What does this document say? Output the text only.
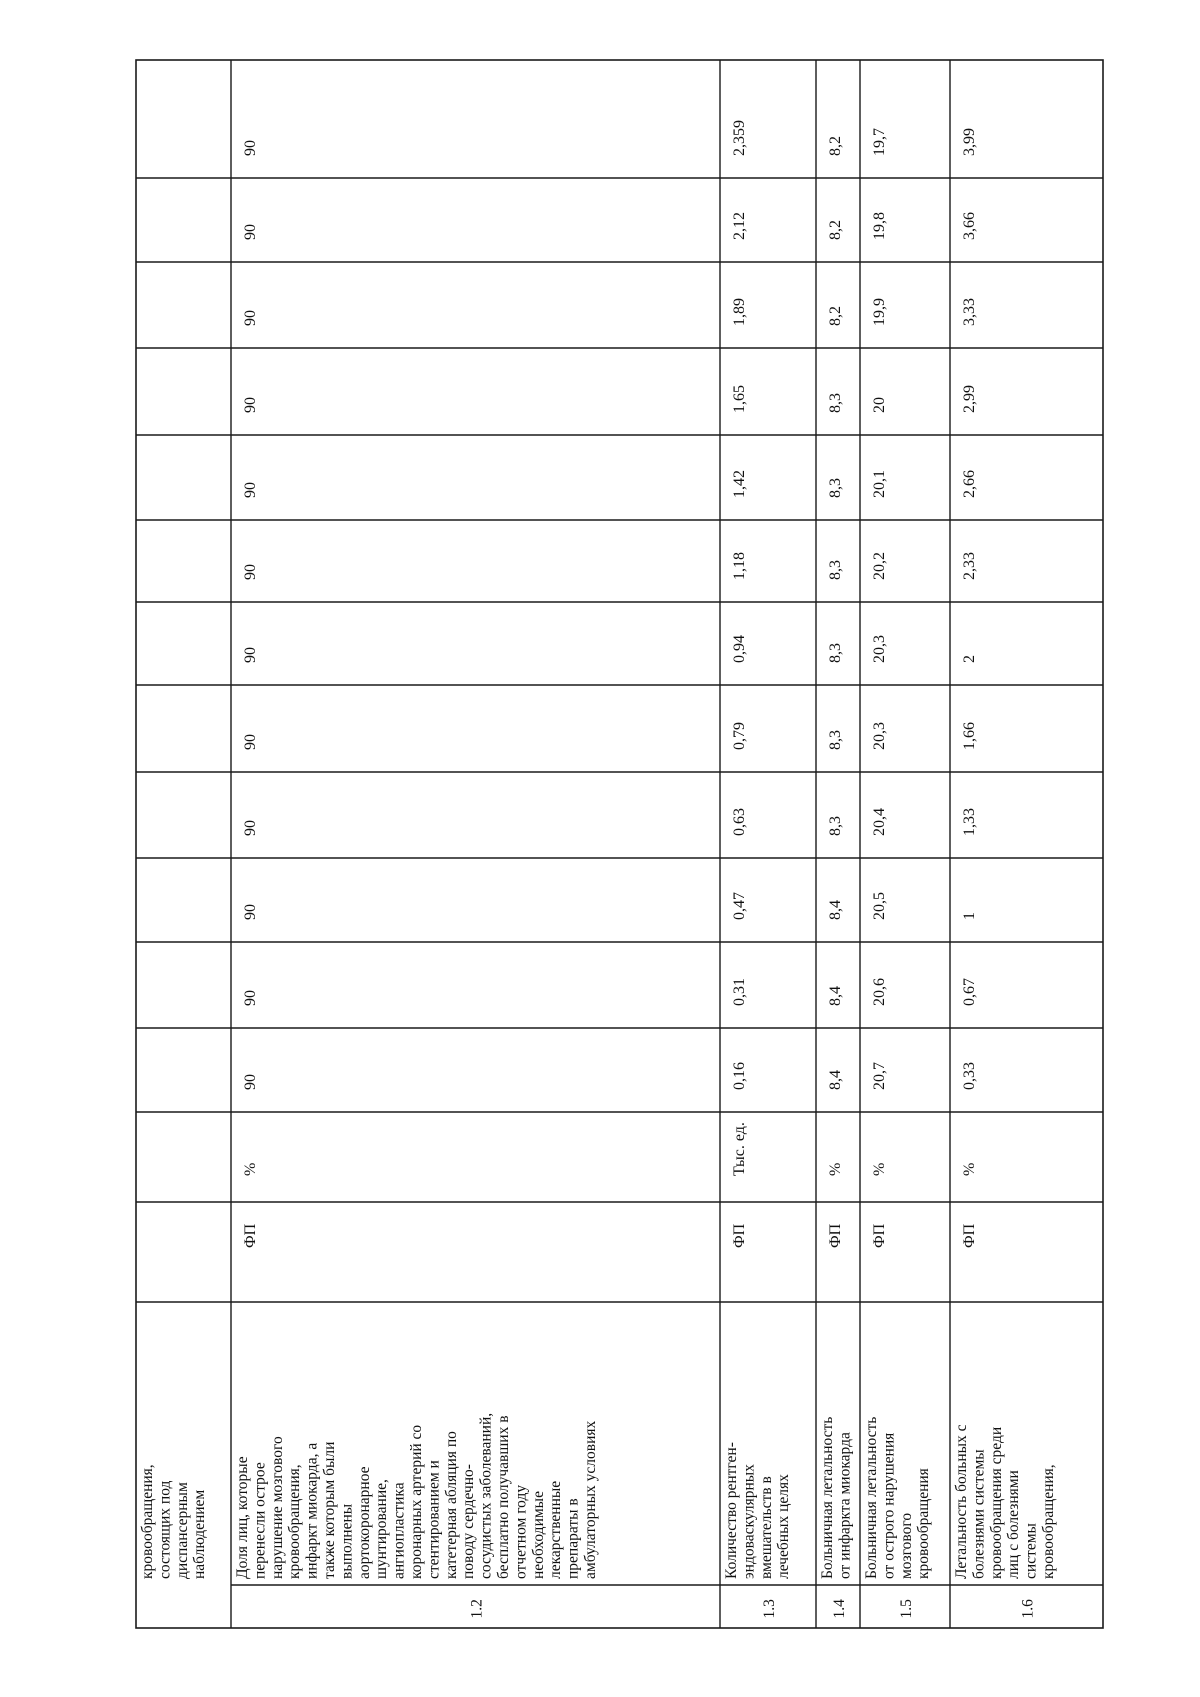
кровообращения, состоящих под диспансерным наблюдением Доля лиц, которые перенесли острое нарушение мозгового кровообращения, инфаркт миокарда, а также которым были выполнены аортокоронарное шунтирование, ангиопластика коронарных артерий со стентированием и катетерная абляция по поводу сердечно- сосудистых заболеваний, бесплатно получавших в отчетном году необходимые лекарственные препараты в амбулаторных условиях
1.2
ФП
%
90
90
90
90
90
90
90
90
90
90
90
90
Количество рентген- эндоваскулярных вмешательств в лечебных целях
1.3
ФП
Тыс. ед.
0,16
0,31
0,47
0,63
0,79
0,94
1,18
1,42
1,65
1,89
2,12
2,359
Больничная летальность от инфаркта миокарда
1.4
ФП
%
8,4
8,4
8,4
8,3
8,3
8,3
8,3
8,3
8,3
8,2
8,2
8,2
Больничная летальность от острого нарушения мозгового кровообращения
1.5
ФП
%
20,7
20,6
20,5
20,4
20,3
20,3
20,2
20,1
20
19,9
19,8
19,7
Летальность больных с болезнями системы кровообращения среди лиц с болезнями системы кровообращения,
1.6
ФП
%
0,33
0,67
1
1,33
1,66
2
2,33
2,66
2,99
3,33
3,66
3,99
